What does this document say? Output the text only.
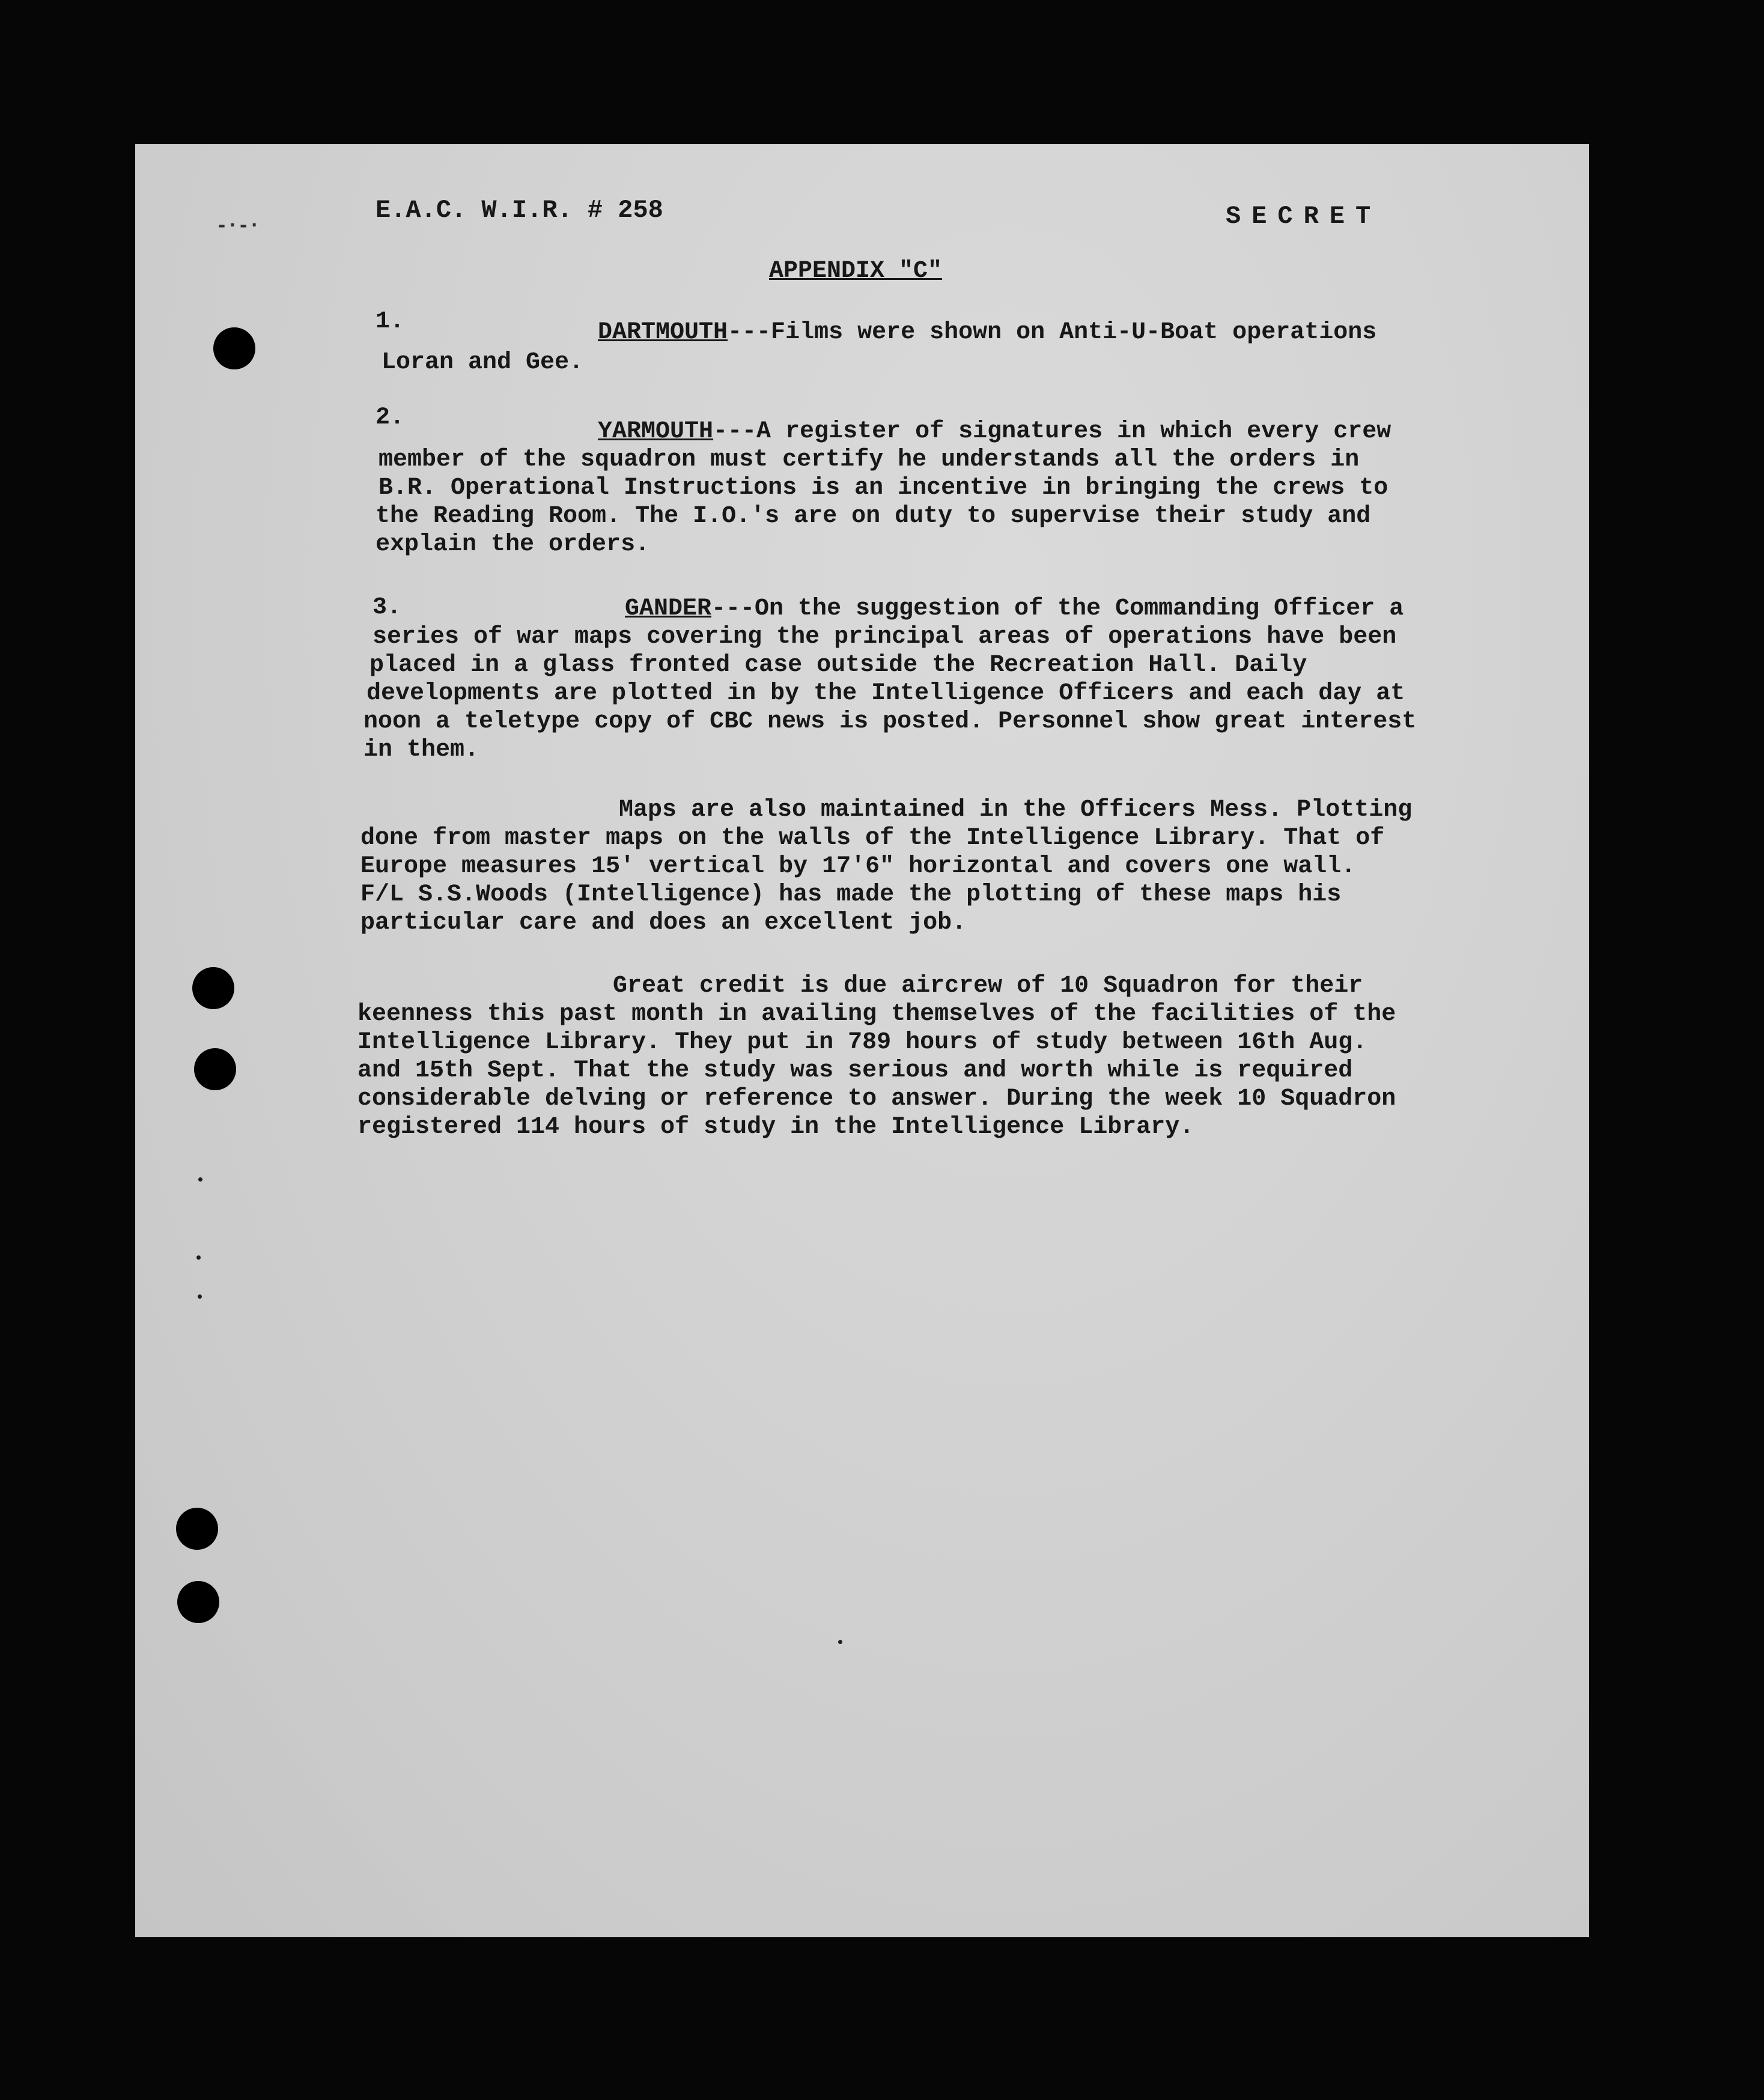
-·-·
E.A.C. W.I.R. # 258	SECRET
APPENDIX "C"
1.	DARTMOUTH---Films were shown on Anti-U-Boat operations
Loran and Gee.
2.
YARMOUTH---A register of signatures in which every crew
member of the squadron must certify he understands all the orders in
B.R. Operational Instructions is an incentive in bringing the crews to
the Reading Room. The I.O.'s are on duty to supervise their study and
explain the orders.
3.	GANDER---On the suggestion of the Commanding Officer a
series of war maps covering the principal areas of operations have been
placed in a glass fronted case outside the Recreation Hall. Daily
developments are plotted in by the Intelligence Officers and each day at
noon a teletype copy of CBC news is posted. Personnel show great interest
in them.
Maps are also maintained in the Officers Mess. Plotting
done from master maps on the walls of the Intelligence Library. That of
Europe measures 15' vertical by 17'6" horizontal and covers one wall.
F/L S.S.Woods (Intelligence) has made the plotting of these maps his
particular care and does an excellent job.
Great credit is due aircrew of 10 Squadron for their
keenness this past month in availing themselves of the facilities of the
Intelligence Library. They put in 789 hours of study between 16th Aug.
and 15th Sept. That the study was serious and worth while is required
considerable delving or reference to answer. During the week 10 Squadron
registered 114 hours of study in the Intelligence Library.
